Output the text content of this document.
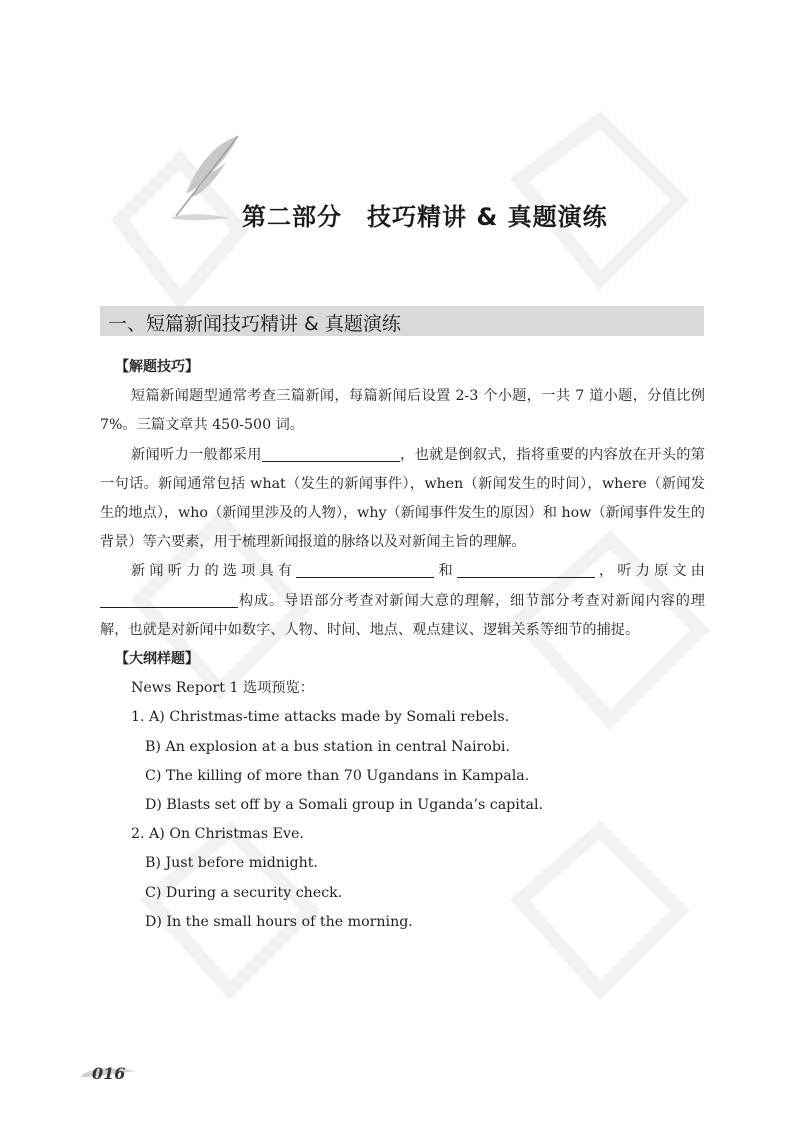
第二部分　技巧精讲 & 真题演练
一、短篇新闻技巧精讲 & 真题演练

【解题技巧】

短篇新闻题型通常考查三篇新闻，每篇新闻后设置 2-3 个小题，一共 7 道小题，分值比例 7%。三篇文章共 450-500 词。

新闻听力一般都采用	，也就是倒叙式，指将重要的内容放在开头的第一句话。新闻通常包括 what（发生的新闻事件），when（新闻发生的时间），where（新闻发生的地点），who（新闻里涉及的人物），why（新闻事件发生的原因）和 how（新闻事件发生的背景）等六要素，用于梳理新闻报道的脉络以及对新闻主旨的理解。

新闻听力的选项具有	和	，听力原文由构成。导语部分考查对新闻大意的理解，细节部分考查对新闻内容的理解，也就是对新闻中如数字、人物、时间、地点、观点建议、逻辑关系等细节的捕捉。

【大纲样题】

News Report 1 选项预览：

1. A) Christmas-time attacks made by Somali rebels.

B) An explosion at a bus station in central Nairobi.

C) The killing of more than 70 Ugandans in Kampala.

D) Blasts set off by a Somali group in Uganda’s capital.

2. A) On Christmas Eve.

B) Just before midnight.

C) During a security check.

D) In the small hours of the morning.

016
